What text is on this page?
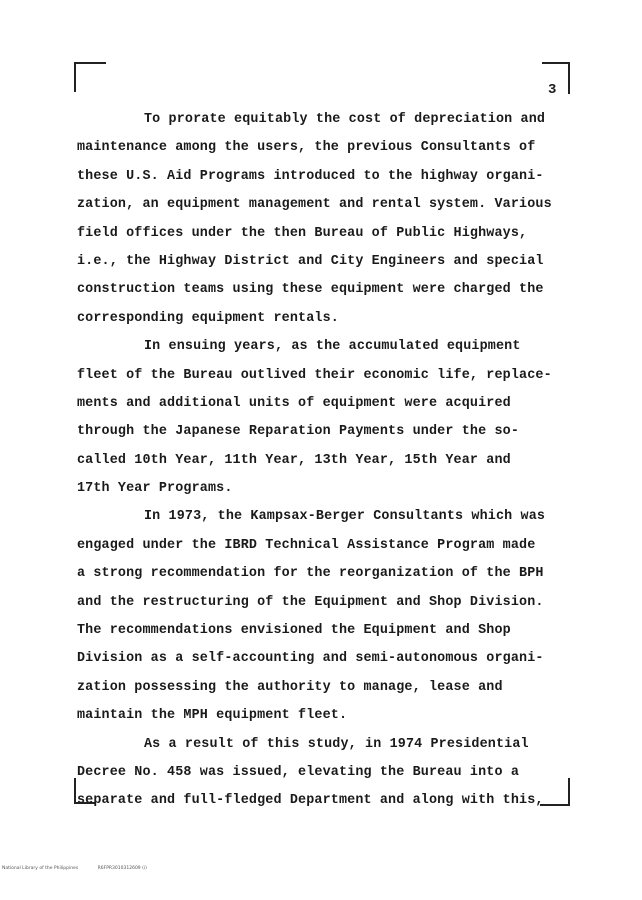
3
To prorate equitably the cost of depreciation and
maintenance among the users, the previous Consultants of
these U.S. Aid Programs introduced to the highway organi-
zation, an equipment management and rental system. Various
field offices under the then Bureau of Public Highways,
i.e., the Highway District and City Engineers and special
construction teams using these equipment were charged the
corresponding equipment rentals.
In ensuing years, as the accumulated equipment
fleet of the Bureau outlived their economic life, replace-
ments and additional units of equipment were acquired
through the Japanese Reparation Payments under the so-
called 10th Year, 11th Year, 13th Year, 15th Year and
17th Year Programs.
In 1973, the Kampsax-Berger Consultants which was
engaged under the IBRD Technical Assistance Program made
a strong recommendation for the reorganization of the BPH
and the restructuring of the Equipment and Shop Division.
The recommendations envisioned the Equipment and Shop
Division as a self-accounting and semi-autonomous organi-
zation possessing the authority to manage, lease and
maintain the MPH equipment fleet.
As a result of this study, in 1974 Presidential
Decree No. 458 was issued, elevating the Bureau into a
separate and full-fledged Department and along with this,
National Library of the Philippines	R6FPR3010312609 (i)
